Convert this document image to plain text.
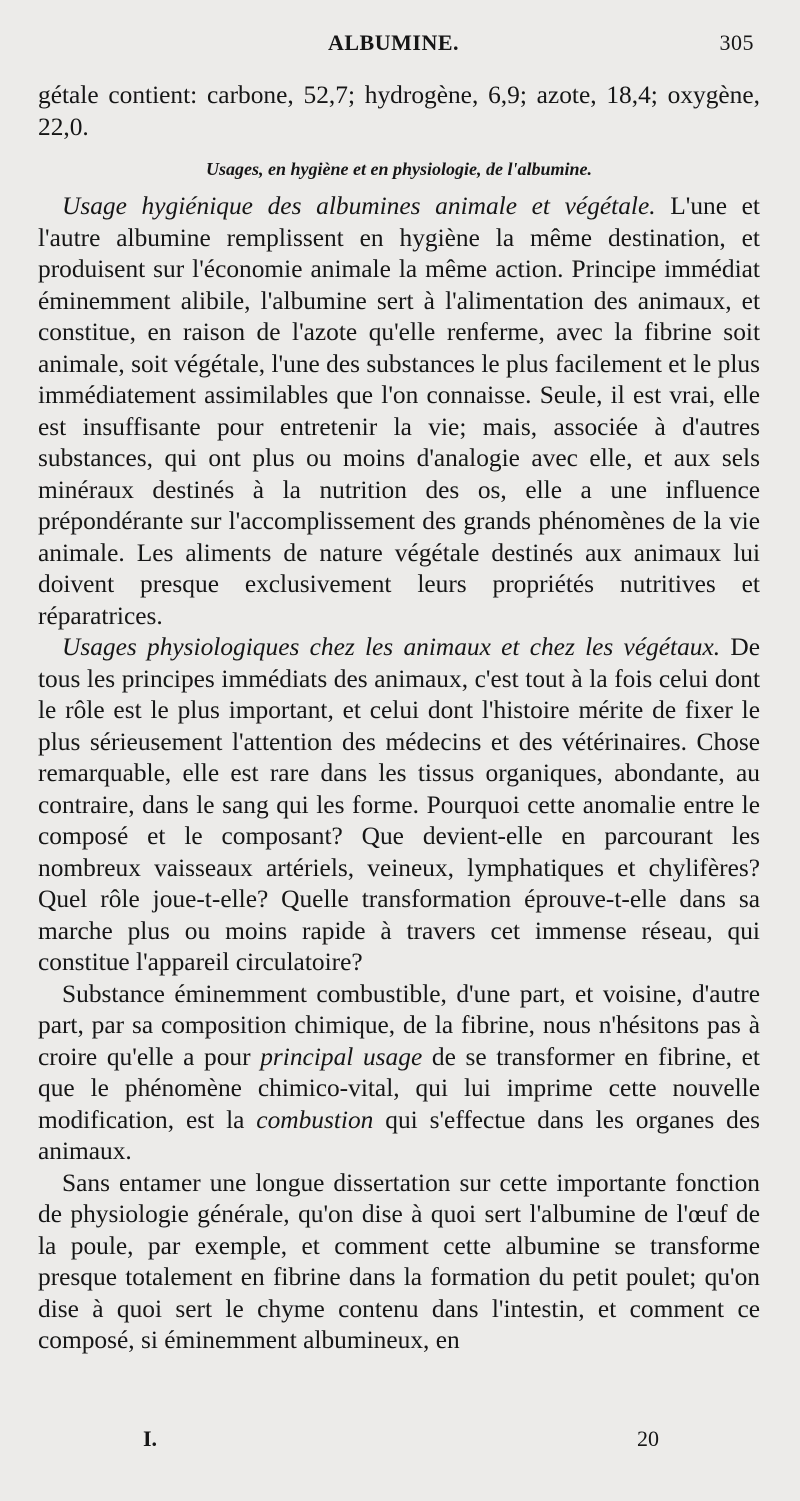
ALBUMINE.	305

gétale contient: carbone, 52,7; hydrogène, 6,9; azote, 18,4; oxygène, 22,0.

Usages, en hygiène et en physiologie, de l'albumine.

Usage hygiénique des albumines animale et végétale. L'une et l'autre albumine remplissent en hygiène la même destination, et produisent sur l'économie animale la même action. Principe immédiat éminemment alibile, l'albumine sert à l'alimentation des animaux, et constitue, en raison de l'azote qu'elle renferme, avec la fibrine soit animale, soit végétale, l'une des substances le plus facilement et le plus immédiatement assimilables que l'on connaisse. Seule, il est vrai, elle est insuffisante pour entretenir la vie; mais, associée à d'autres substances, qui ont plus ou moins d'analogie avec elle, et aux sels minéraux destinés à la nutrition des os, elle a une influence prépondérante sur l'accomplissement des grands phénomènes de la vie animale. Les aliments de nature végétale destinés aux animaux lui doivent presque exclusivement leurs propriétés nutritives et réparatrices.

Usages physiologiques chez les animaux et chez les végétaux. De tous les principes immédiats des animaux, c'est tout à la fois celui dont le rôle est le plus important, et celui dont l'histoire mérite de fixer le plus sérieusement l'attention des médecins et des vétérinaires. Chose remarquable, elle est rare dans les tissus organiques, abondante, au contraire, dans le sang qui les forme. Pourquoi cette anomalie entre le composé et le composant? Que devient-elle en parcourant les nombreux vaisseaux artériels, veineux, lymphatiques et chylifères? Quel rôle joue-t-elle? Quelle transformation éprouve-t-elle dans sa marche plus ou moins rapide à travers cet immense réseau, qui constitue l'appareil circulatoire?

Substance éminemment combustible, d'une part, et voisine, d'autre part, par sa composition chimique, de la fibrine, nous n'hésitons pas à croire qu'elle a pour principal usage de se transformer en fibrine, et que le phénomène chimico-vital, qui lui imprime cette nouvelle modification, est la combustion qui s'effectue dans les organes des animaux.

Sans entamer une longue dissertation sur cette importante fonction de physiologie générale, qu'on dise à quoi sert l'albumine de l'œuf de la poule, par exemple, et comment cette albumine se transforme presque totalement en fibrine dans la formation du petit poulet; qu'on dise à quoi sert le chyme contenu dans l'intestin, et comment ce composé, si éminemment albumineux, en

I.	20
